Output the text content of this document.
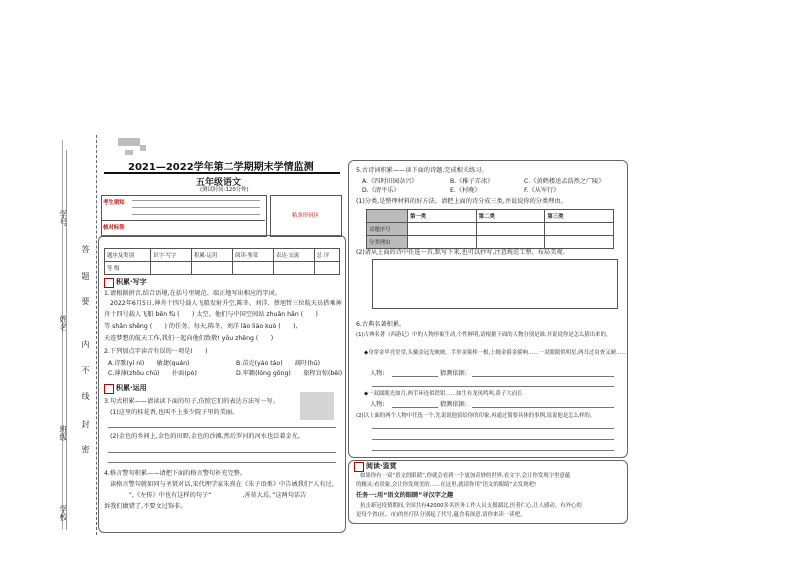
学号
姓名
班级
学校
答
题
要
内
不
线
封
密
2021—2022学年第二学期期末学情监测
五年级语文
(测试时间:120分钟)
考生须知
核对标签
粘条形码区
题序及类别	识字·写字	积累·运用	阅读·鉴赏	表达·交流	总 评
等 级					
积累·写字
1.请根据拼音,结合语境,在括号里规范、端正地写出相应的字词。
2022年6月5日,神舟十四号载人飞船发射升空,陈冬、刘洋、蔡旭哲三位航天员搭乘神
舟十四号载人飞船 bēn fù (　　) 太空。他们与中国空间站 zhuǎn hǎn (　　)
等 shǎn shēng (　　) 的任务。每天,陈冬、刘洋 lǎo liào kuò (　　),
天连梦想的航天工作,我们一起向他们致敬! yōu zhēng (　　)
2.下列加点字读音有误的一项是(　　)
A.诗歌(yí nì)　　敏捷(quán)	B.苗克(yáo táo)　　疏吁(hū)
C.薄薄(zhōu chū)　　扑面(pò)	D.牢籁(lóng gōng)　　旅程盲惊(běi)
积累·运用
3.句式积累——请读读下面的句子,仿照它们的表达方法写一写。
(1)这里的桂花香,也叫不上多少院子里的美丽。
(2)金色的乡间上,金色的田野,金色的沙滩,然后罗河的河水也泛着金光。
4.格言警句积累——请把下面的格言警句补充完整。
读格言警句就如同与圣贤对话,宋代理学家朱熹在《朱子语类》中告诫我们“人有过,
　　　　”,《左传》中也有这样的句子“　　　　　,善莫大焉。”这两句话告
诉我们做错了,不要文过饰非。
5.古诗词积累——读下面的诗题,完成相关练习。
A.《四时田园杂兴》	B.《稚子弄冰》	C.《黄鹤楼送孟浩然之广陵》
D.《清平乐》	E.《村晚》	F.《从军行》
(1)分类,是整理材料的好方法。请把上面的诗分成三类,并说说你的分类理由。
	第一类	第二类	第三类
诗题序号			
分类理由			
(2)请从上面的诗中任选一首,默写下来,也可以抄写,注意规范工整、布局美观。
6.古典名著积累。
(1)古典名著《西游记》中的人物形象生动,个性鲜明,请根据下面的人物分别是谁,并说说你是怎么猜出来的。
◆身穿金甲亮堂堂,头戴金冠光映映。手举金箍棒一根,上缠金箍金箍响……一双眼睛似明星,两耳过肩查又硬……
人物:	猜测依据:
◆一双圆眼光如月,两手环连似铁钳……如生有龙凤鸣叫,鼻子大而长
人物:	猜测依据:
(2)以上面的两个人物中任选一个,先说说他留给你的印象,再通过简要具体的事例,说说他是怎么样的。
阅读·鉴赏
如果你有一双“语文的眼睛”,你就会看到一个更加奇妙的世界,看文字,会让你发现字里意蕴
的精灵;看景象,会让你发现美的……在这里,就请你用“语文的眼睛”去发现吧!
任务一:用“语文的眼睛”寻汉字之趣
抗击新冠疫情期间,全国共有42000多名医务工作人员支援湖北,医者仁心,让人感动。有外心的
是每个省(区、市)的医疗队分别起了代号,蕴含着深意,请你来读一读吧。
